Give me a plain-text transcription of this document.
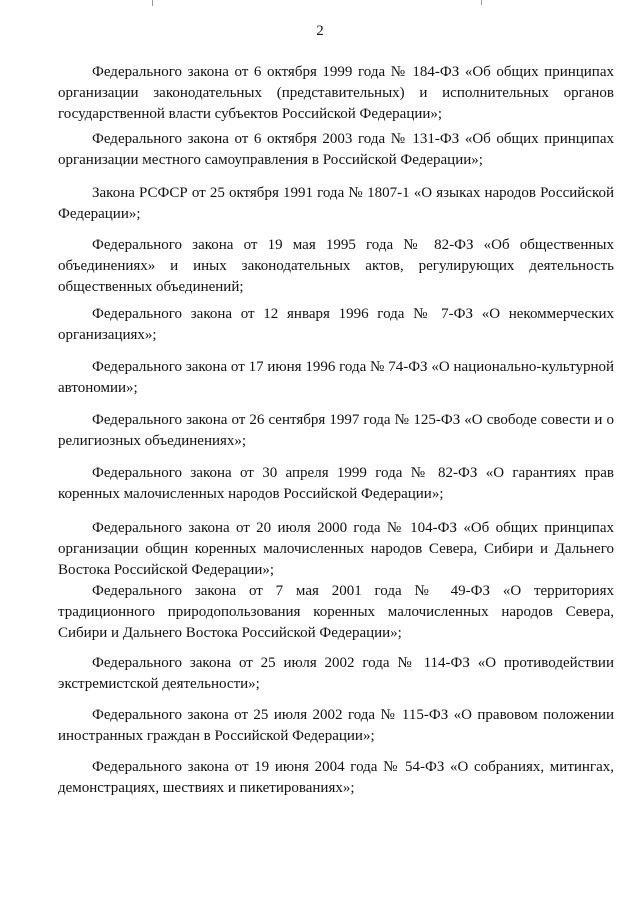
2

Федерального закона от 6 октября 1999 года № 184-ФЗ «Об общих принципах организации законодательных (представительных) и исполнительных органов государственной власти субъектов Российской Федерации»;

Федерального закона от 6 октября 2003 года № 131-ФЗ «Об общих принципах организации местного самоуправления в Российской Федерации»;

Закона РСФСР от 25 октября 1991 года № 1807-1 «О языках народов Российской Федерации»;

Федерального закона от 19 мая 1995 года № 82-ФЗ «Об общественных объединениях» и иных законодательных актов, регулирующих деятельность общественных объединений;

Федерального закона от 12 января 1996 года № 7-ФЗ «О некоммерческих организациях»;

Федерального закона от 17 июня 1996 года № 74-ФЗ «О национально-культурной автономии»;

Федерального закона от 26 сентября 1997 года № 125-ФЗ «О свободе совести и о религиозных объединениях»;

Федерального закона от 30 апреля 1999 года № 82-ФЗ «О гарантиях прав коренных малочисленных народов Российской Федерации»;

Федерального закона от 20 июля 2000 года № 104-ФЗ «Об общих принципах организации общин коренных малочисленных народов Севера, Сибири и Дальнего Востока Российской Федерации»;

Федерального закона от 7 мая 2001 года № 49-ФЗ «О территориях традиционного природопользования коренных малочисленных народов Севера, Сибири и Дальнего Востока Российской Федерации»;

Федерального закона от 25 июля 2002 года № 114-ФЗ «О противодействии экстремистской деятельности»;

Федерального закона от 25 июля 2002 года № 115-ФЗ «О правовом положении иностранных граждан в Российской Федерации»;

Федерального закона от 19 июня 2004 года № 54-ФЗ «О собраниях, митингах, демонстрациях, шествиях и пикетированиях»;
